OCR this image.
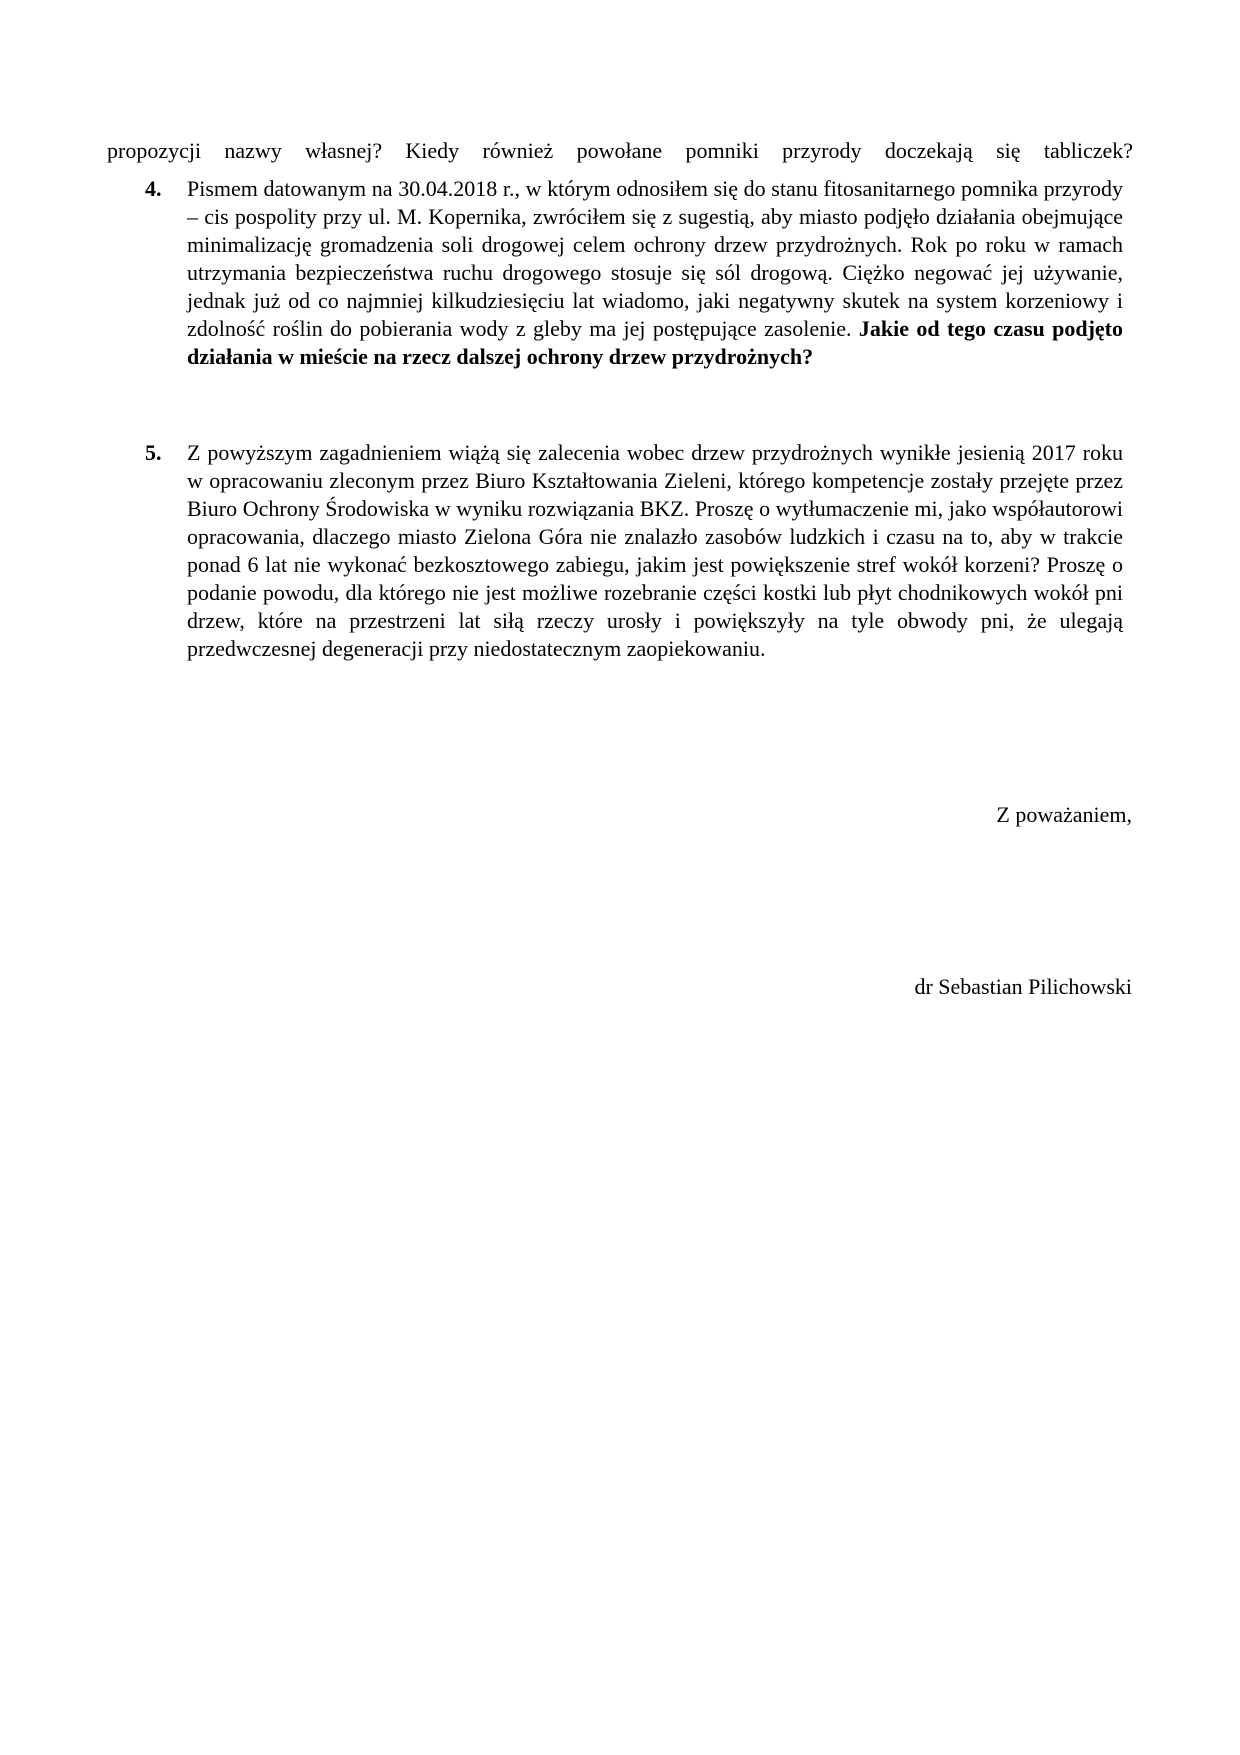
propozycji nazwy własnej? Kiedy również powołane pomniki przyrody doczekają się tabliczek?

4. Pismem datowanym na 30.04.2018 r., w którym odnosiłem się do stanu fitosanitarnego pomnika przyrody – cis pospolity przy ul. M. Kopernika, zwróciłem się z sugestią, aby miasto podjęło działania obejmujące minimalizację gromadzenia soli drogowej celem ochrony drzew przydrożnych. Rok po roku w ramach utrzymania bezpieczeństwa ruchu drogowego stosuje się sól drogową. Ciężko negować jej używanie, jednak już od co najmniej kilkudziesięciu lat wiadomo, jaki negatywny skutek na system korzeniowy i zdolność roślin do pobierania wody z gleby ma jej postępujące zasolenie. Jakie od tego czasu podjęto działania w mieście na rzecz dalszej ochrony drzew przydrożnych?
5. Z powyższym zagadnieniem wiążą się zalecenia wobec drzew przydrożnych wynikłe jesienią 2017 roku w opracowaniu zleconym przez Biuro Kształtowania Zieleni, którego kompetencje zostały przejęte przez Biuro Ochrony Środowiska w wyniku rozwiązania BKZ. Proszę o wytłumaczenie mi, jako współautorowi opracowania, dlaczego miasto Zielona Góra nie znalazło zasobów ludzkich i czasu na to, aby w trakcie ponad 6 lat nie wykonać bezkosztowego zabiegu, jakim jest powiększenie stref wokół korzeni? Proszę o podanie powodu, dla którego nie jest możliwe rozebranie części kostki lub płyt chodnikowych wokół pni drzew, które na przestrzeni lat siłą rzeczy urosły i powiększyły na tyle obwody pni, że ulegają przedwczesnej degeneracji przy niedostatecznym zaopiekowaniu.

Z poważaniem,

dr Sebastian Pilichowski
